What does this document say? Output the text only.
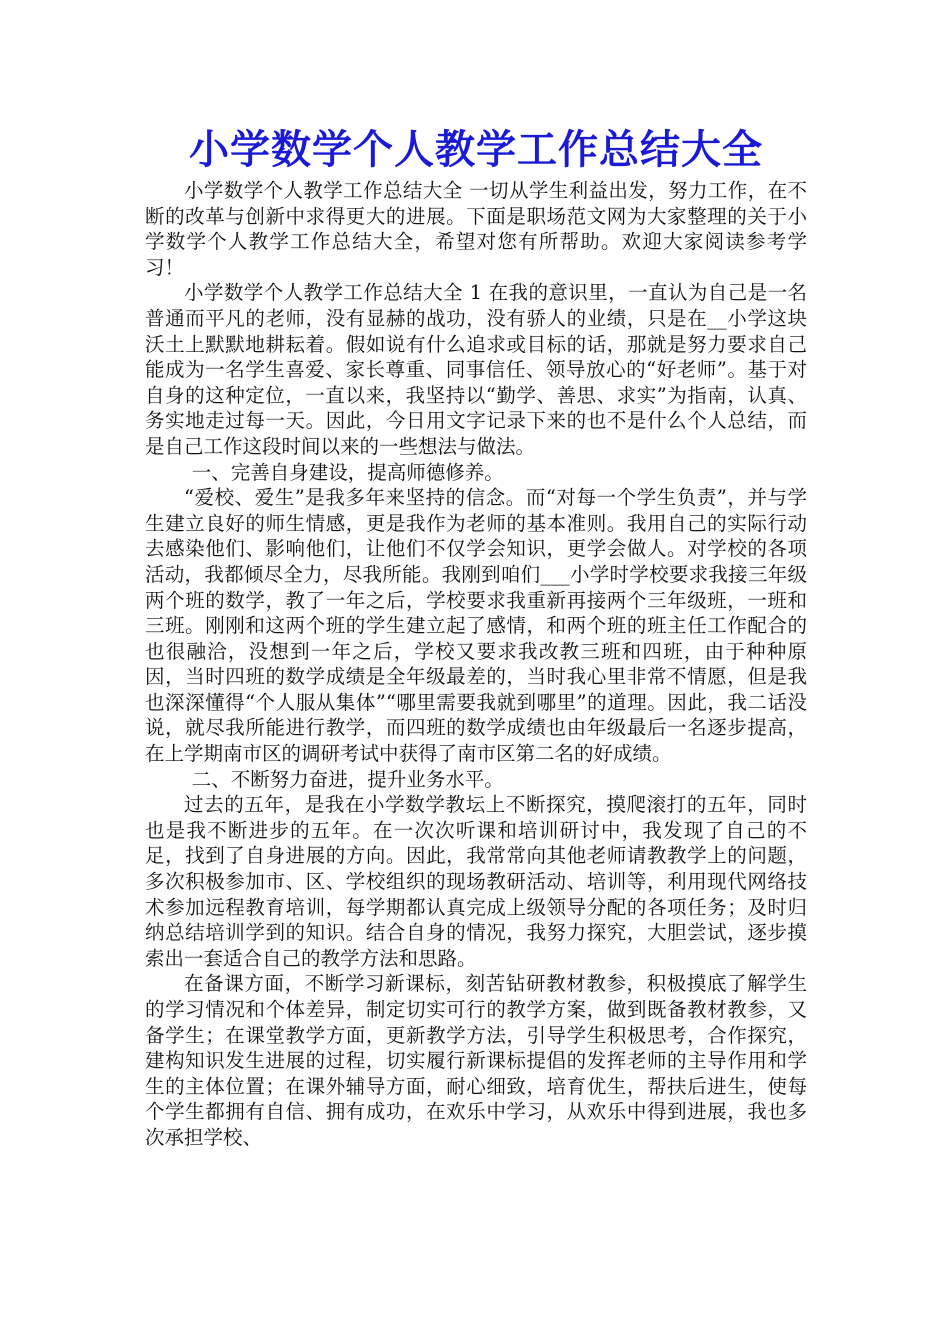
小学数学个人教学工作总结大全

小学数学个人教学工作总结大全 一切从学生利益出发，努力工作，在不断的改革与创新中求得更大的进展。下面是职场范文网为大家整理的关于小学数学个人教学工作总结大全，希望对您有所帮助。欢迎大家阅读参考学习！

小学数学个人教学工作总结大全 1 在我的意识里，一直认为自己是一名普通而平凡的老师，没有显赫的战功，没有骄人的业绩，只是在__小学这块沃土上默默地耕耘着。假如说有什么追求或目标的话，那就是努力要求自己能成为一名学生喜爱、家长尊重、同事信任、领导放心的“好老师”。基于对自身的这种定位，一直以来，我坚持以“勤学、善思、求实”为指南，认真、务实地走过每一天。因此，今日用文字记录下来的也不是什么个人总结，而是自己工作这段时间以来的一些想法与做法。

一、完善自身建设，提高师德修养。

“爱校、爱生”是我多年来坚持的信念。而“对每一个学生负责”，并与学生建立良好的师生情感，更是我作为老师的基本准则。我用自己的实际行动去感染他们、影响他们，让他们不仅学会知识，更学会做人。对学校的各项活动，我都倾尽全力，尽我所能。我刚到咱们___小学时学校要求我接三年级两个班的数学，教了一年之后，学校要求我重新再接两个三年级班，一班和三班。刚刚和这两个班的学生建立起了感情，和两个班的班主任工作配合的也很融洽，没想到一年之后，学校又要求我改教三班和四班，由于种种原因，当时四班的数学成绩是全年级最差的，当时我心里非常不情愿，但是我也深深懂得“个人服从集体”“哪里需要我就到哪里”的道理。因此，我二话没说，就尽我所能进行教学，而四班的数学成绩也由年级最后一名逐步提高，在上学期南市区的调研考试中获得了南市区第二名的好成绩。

二、不断努力奋进，提升业务水平。

过去的五年，是我在小学数学教坛上不断探究，摸爬滚打的五年，同时也是我不断进步的五年。在一次次听课和培训研讨中，我发现了自己的不足，找到了自身进展的方向。因此，我常常向其他老师请教教学上的问题，多次积极参加市、区、学校组织的现场教研活动、培训等，利用现代网络技术参加远程教育培训，每学期都认真完成上级领导分配的各项任务；及时归纳总结培训学到的知识。结合自身的情况，我努力探究，大胆尝试，逐步摸索出一套适合自己的教学方法和思路。

在备课方面，不断学习新课标，刻苦钻研教材教参，积极摸底了解学生的学习情况和个体差异，制定切实可行的教学方案，做到既备教材教参，又备学生；在课堂教学方面，更新教学方法，引导学生积极思考，合作探究，建构知识发生进展的过程，切实履行新课标提倡的发挥老师的主导作用和学生的主体位置；在课外辅导方面，耐心细致，培育优生，帮扶后进生，使每个学生都拥有自信、拥有成功，在欢乐中学习，从欢乐中得到进展，我也多次承担学校、
